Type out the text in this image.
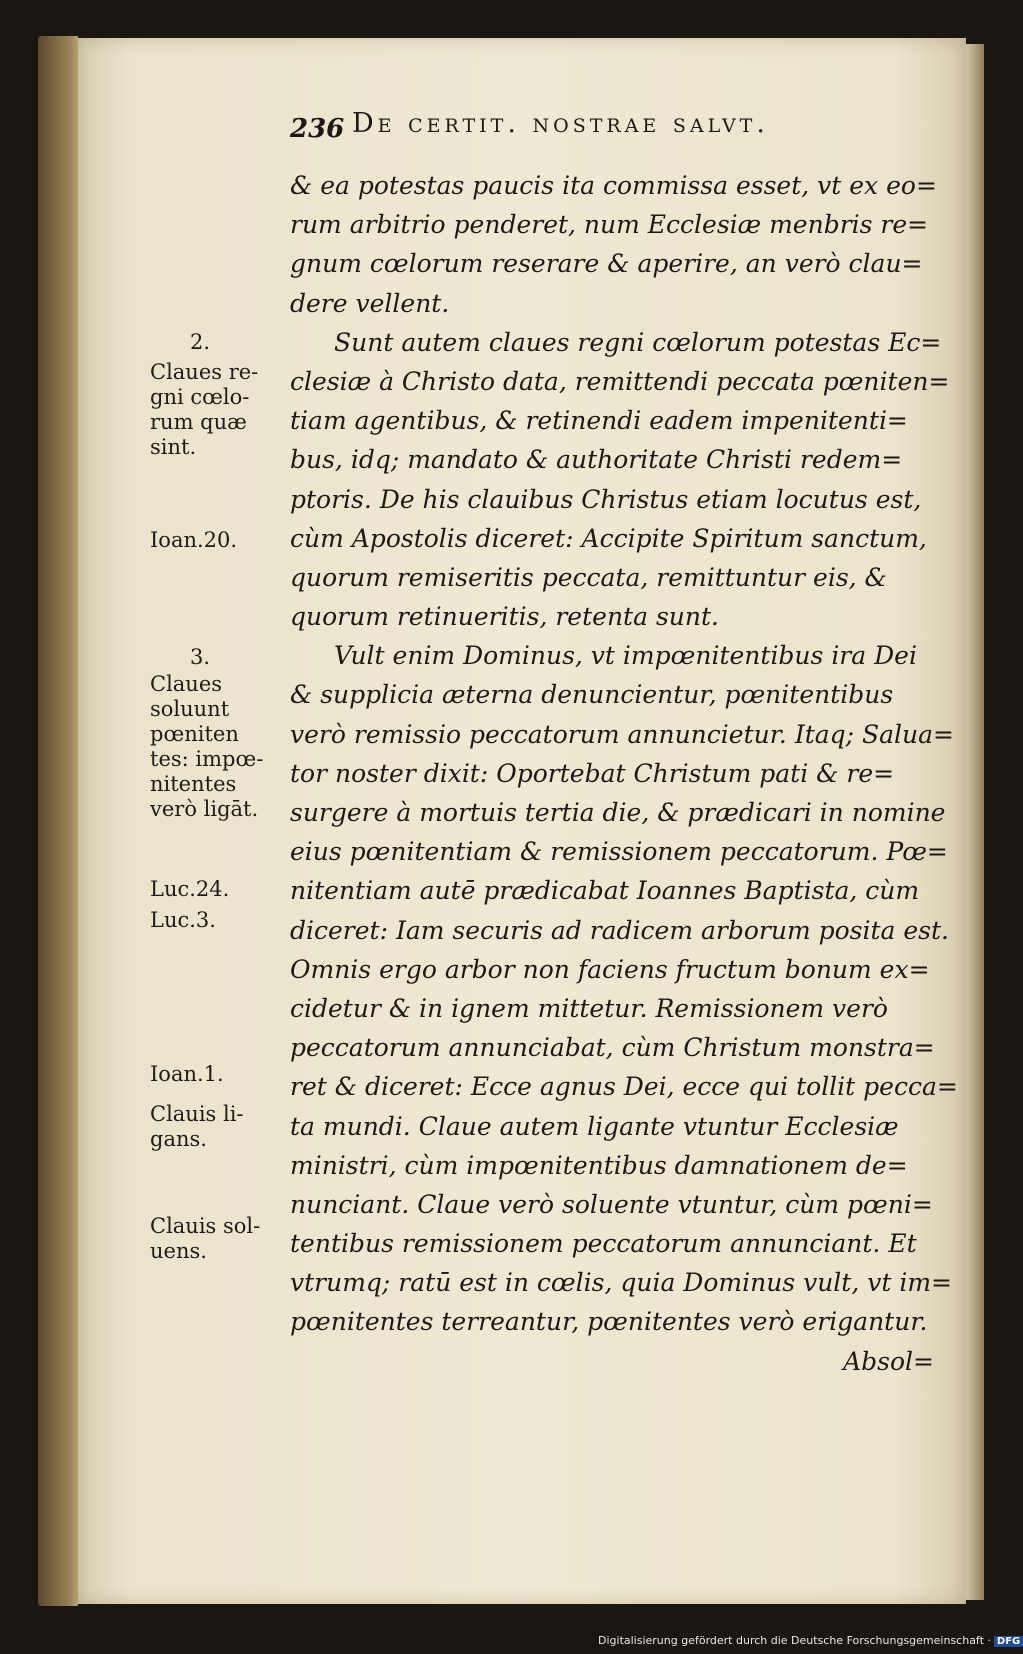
236 De certit. nostrae salvt.
& ea potestas paucis ita commissa esset, vt ex eo=
rum arbitrio penderet, num Ecclesiæ menbris re=
gnum cœlorum reserare & aperire, an verò clau=
dere vellent.
Sunt autem claues regni cœlorum potestas Ec=
clesiæ à Christo data, remittendi peccata pœniten=
tiam agentibus, & retinendi eadem impenitenti=
bus, idq; mandato & authoritate Christi redem=
ptoris. De his clauibus Christus etiam locutus est,
cùm Apostolis diceret: Accipite Spiritum sanctum,
quorum remiseritis peccata, remittuntur eis, &
quorum retinueritis, retenta sunt.
Vult enim Dominus, vt impœnitentibus ira Dei
& supplicia æterna denuncientur, pœnitentibus
verò remissio peccatorum annuncietur. Itaq; Salua=
tor noster dixit: Oportebat Christum pati & re=
surgere à mortuis tertia die, & prædicari in nomine
eius pœnitentiam & remissionem peccatorum. Pœ=
nitentiam autē prædicabat Ioannes Baptista, cùm
diceret: Iam securis ad radicem arborum posita est.
Omnis ergo arbor non faciens fructum bonum ex=
cidetur & in ignem mittetur. Remissionem verò
peccatorum annunciabat, cùm Christum monstra=
ret & diceret: Ecce agnus Dei, ecce qui tollit pecca=
ta mundi. Claue autem ligante vtuntur Ecclesiæ
ministri, cùm impœnitentibus damnationem de=
nunciant. Claue verò soluente vtuntur, cùm pœni=
tentibus remissionem peccatorum annunciant. Et
vtrumq; ratū est in cœlis, quia Dominus vult, vt im=
pœnitentes terreantur, pœnitentes verò erigantur.
Absol=
2.
Claues re-
gni cœlo-
rum quæ
sint.
Ioan.20.
3.
Claues
soluunt
pœniten
tes: impœ-
nitentes
verò ligāt.
Luc.24.
Luc.3.
Ioan.1.
Clauis li-
gans.
Clauis sol-
uens.
Digitalisierung gefördert durch die Deutsche Forschungsgemeinschaft · DFG
